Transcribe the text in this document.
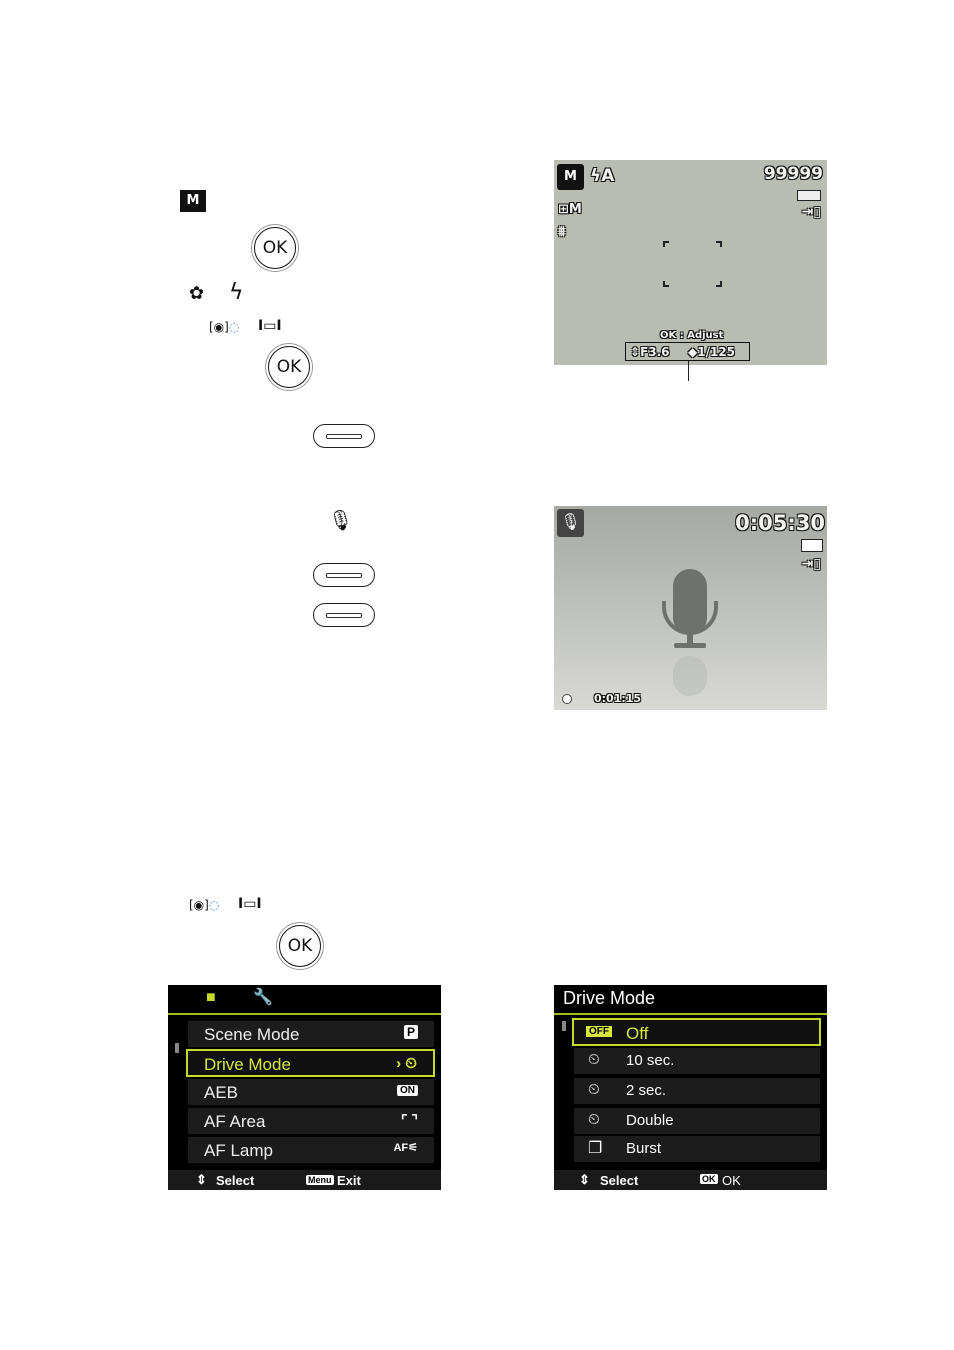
M
OK
✿ ϟ
[◉]◌ I▭I
OK
🎙
[◉]◌ I▭I
OK
M ϟA	99999
⊞M	⇥▯
⩩
OK : Adjust
⇕F3.6 ◆1/125
🎙	0:05:30
⇥▯
0:01:15
■ 🔧
Scene Mode	P
Drive Mode	› ⏲
AEB	ON
AF Area	⌜ ⌝
AF Lamp	AF⚟
⇕ Select	Menu Exit
Drive Mode
OFF Off
⏲ 10 sec.
⏲ 2 sec.
⏲ Double
❐ Burst
⇕ Select	OK OK
